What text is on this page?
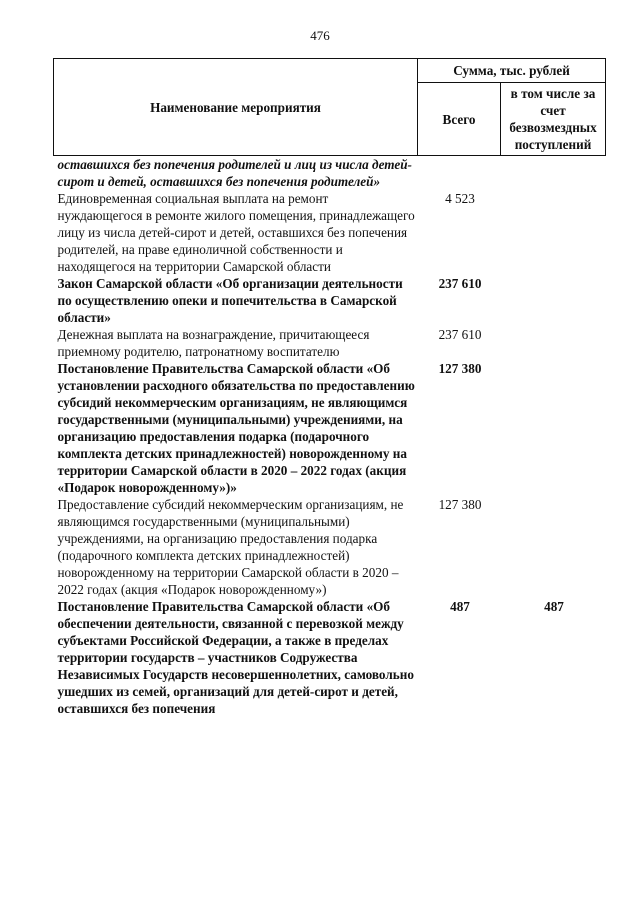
476
Наименование мероприятия	Сумма, тыс. рублей	
	Всего	в том числе за счет безвозмездных поступлений
оставшихся без попечения родителей и лиц из числа детей-сирот и детей, оставшихся без попечения родителей»		
Единовременная социальная выплата на ремонт нуждающегося в ремонте жилого помещения, принадлежащего лицу из числа детей-сирот и детей, оставшихся без попечения родителей, на праве единоличной собственности и находящегося на территории Самарской области	4 523	
Закон Самарской области «Об организации деятельности по осуществлению опеки и попечительства в Самарской области»	237 610	
Денежная выплата на вознаграждение, причитающееся приемному родителю, патронатному воспитателю	237 610	
Постановление Правительства Самарской области «Об установлении расходного обязательства по предоставлению субсидий некоммерческим организациям, не являющимся государственными (муниципальными) учреждениями, на организацию предоставления подарка (подарочного комплекта детских принадлежностей) новорожденному на территории Самарской области в 2020 – 2022 годах (акция «Подарок новорожденному»)»	127 380	
Предоставление субсидий некоммерческим организациям, не являющимся государственными (муниципальными) учреждениями, на организацию предоставления подарка (подарочного комплекта детских принадлежностей) новорожденному на территории Самарской области в 2020 – 2022 годах (акция «Подарок новорожденному»)	127 380	
Постановление Правительства Самарской области «Об обеспечении деятельности, связанной с перевозкой между субъектами Российской Федерации, а также в пределах территории государств – участников Содружества Независимых Государств несовершеннолетних, самовольно ушедших из семей, организаций для детей-сирот и детей, оставшихся без попечения	487	487
